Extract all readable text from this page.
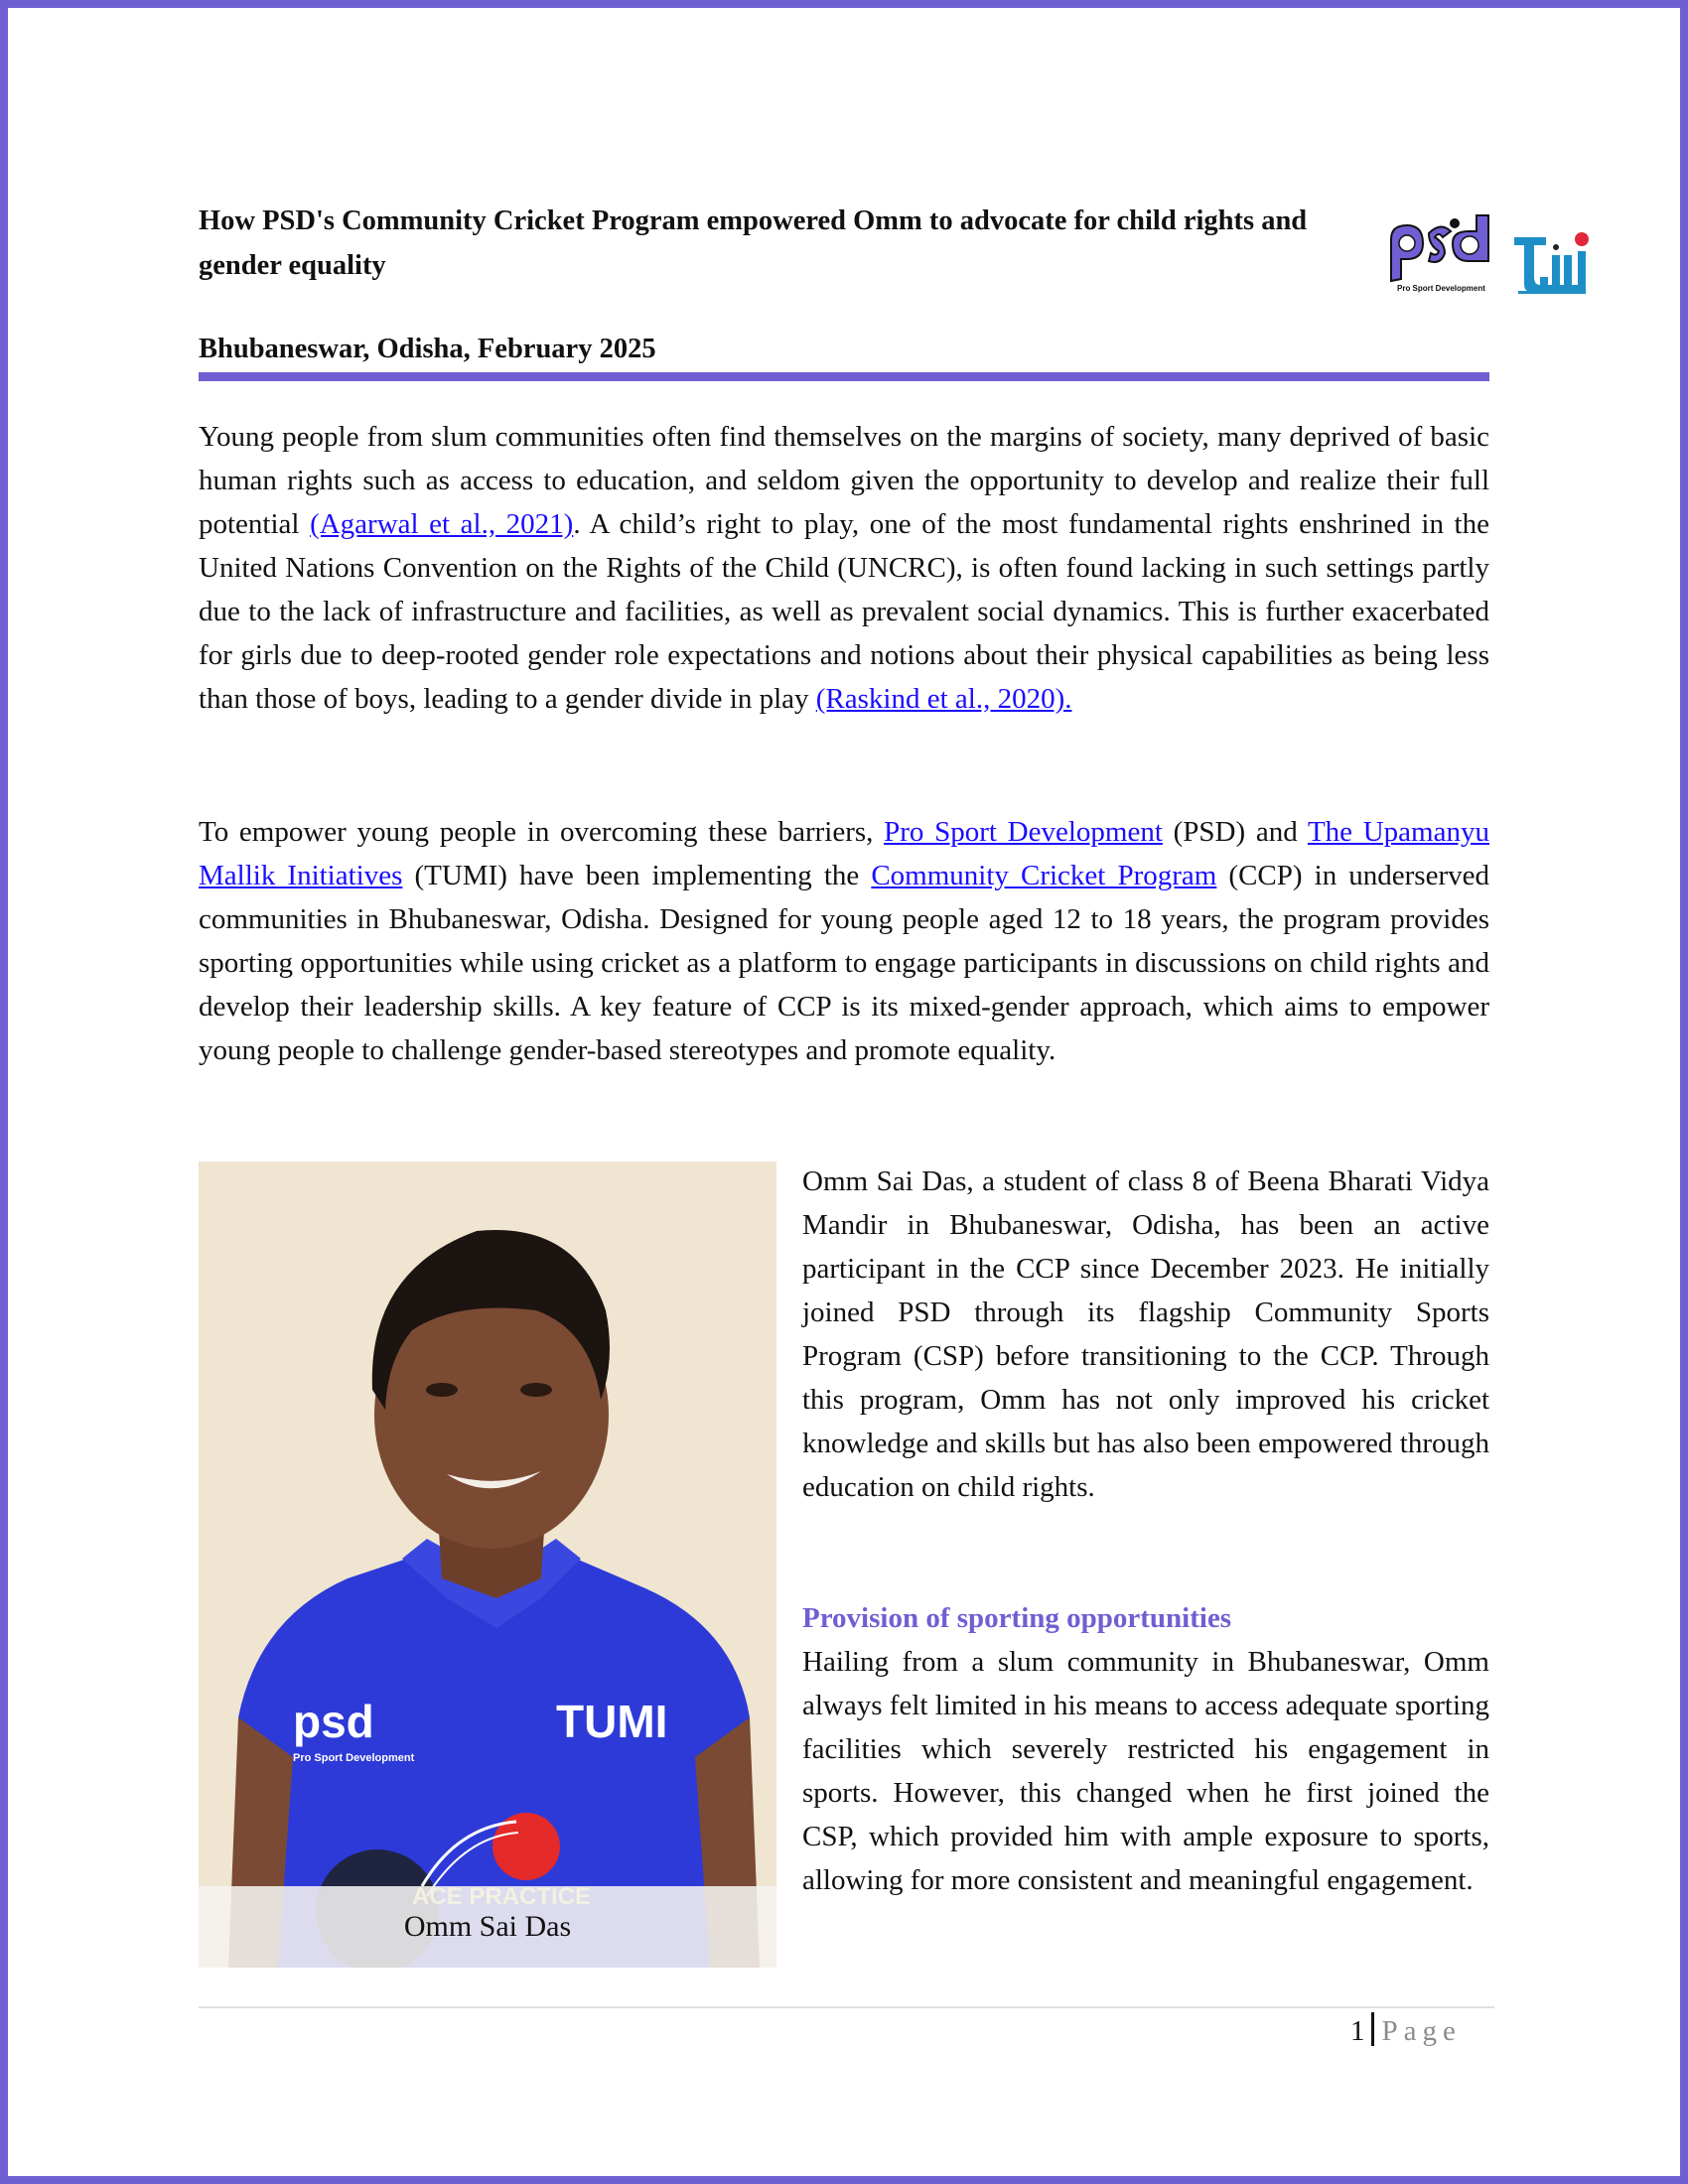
How PSD's Community Cricket Program empowered Omm to advocate for child rights and gender equality
Pro Sport Development
Bhubaneswar, Odisha, February 2025

Young people from slum communities often find themselves on the margins of society, many deprived of basic human rights such as access to education, and seldom given the opportunity to develop and realize their full potential (Agarwal et al., 2021). A child’s right to play, one of the most fundamental rights enshrined in the United Nations Convention on the Rights of the Child (UNCRC), is often found lacking in such settings partly due to the lack of infrastructure and facilities, as well as prevalent social dynamics. This is further exacerbated for girls due to deep-rooted gender role expectations and notions about their physical capabilities as being less than those of boys, leading to a gender divide in play (Raskind et al., 2020).

To empower young people in overcoming these barriers, Pro Sport Development (PSD) and The Upamanyu Mallik Initiatives (TUMI) have been implementing the Community Cricket Program (CCP) in underserved communities in Bhubaneswar, Odisha. Designed for young people aged 12 to 18 years, the program provides sporting opportunities while using cricket as a platform to engage participants in discussions on child rights and develop their leadership skills. A key feature of CCP is its mixed-gender approach, which aims to empower young people to challenge gender-based stereotypes and promote equality.

psd
Pro Sport Development
TUMI
Omm Sai Das

Omm Sai Das, a student of class 8 of Beena Bharati Vidya Mandir in Bhubaneswar, Odisha, has been an active participant in the CCP since December 2023. He initially joined PSD through its flagship Community Sports Program (CSP) before transitioning to the CCP. Through this program, Omm has not only improved his cricket knowledge and skills but has also been empowered through education on child rights.

Provision of sporting opportunities

Hailing from a slum community in Bhubaneswar, Omm always felt limited in his means to access adequate sporting facilities which severely restricted his engagement in sports. However, this changed when he first joined the CSP, which provided him with ample exposure to sports, allowing for more consistent and meaningful engagement.

1 Page
